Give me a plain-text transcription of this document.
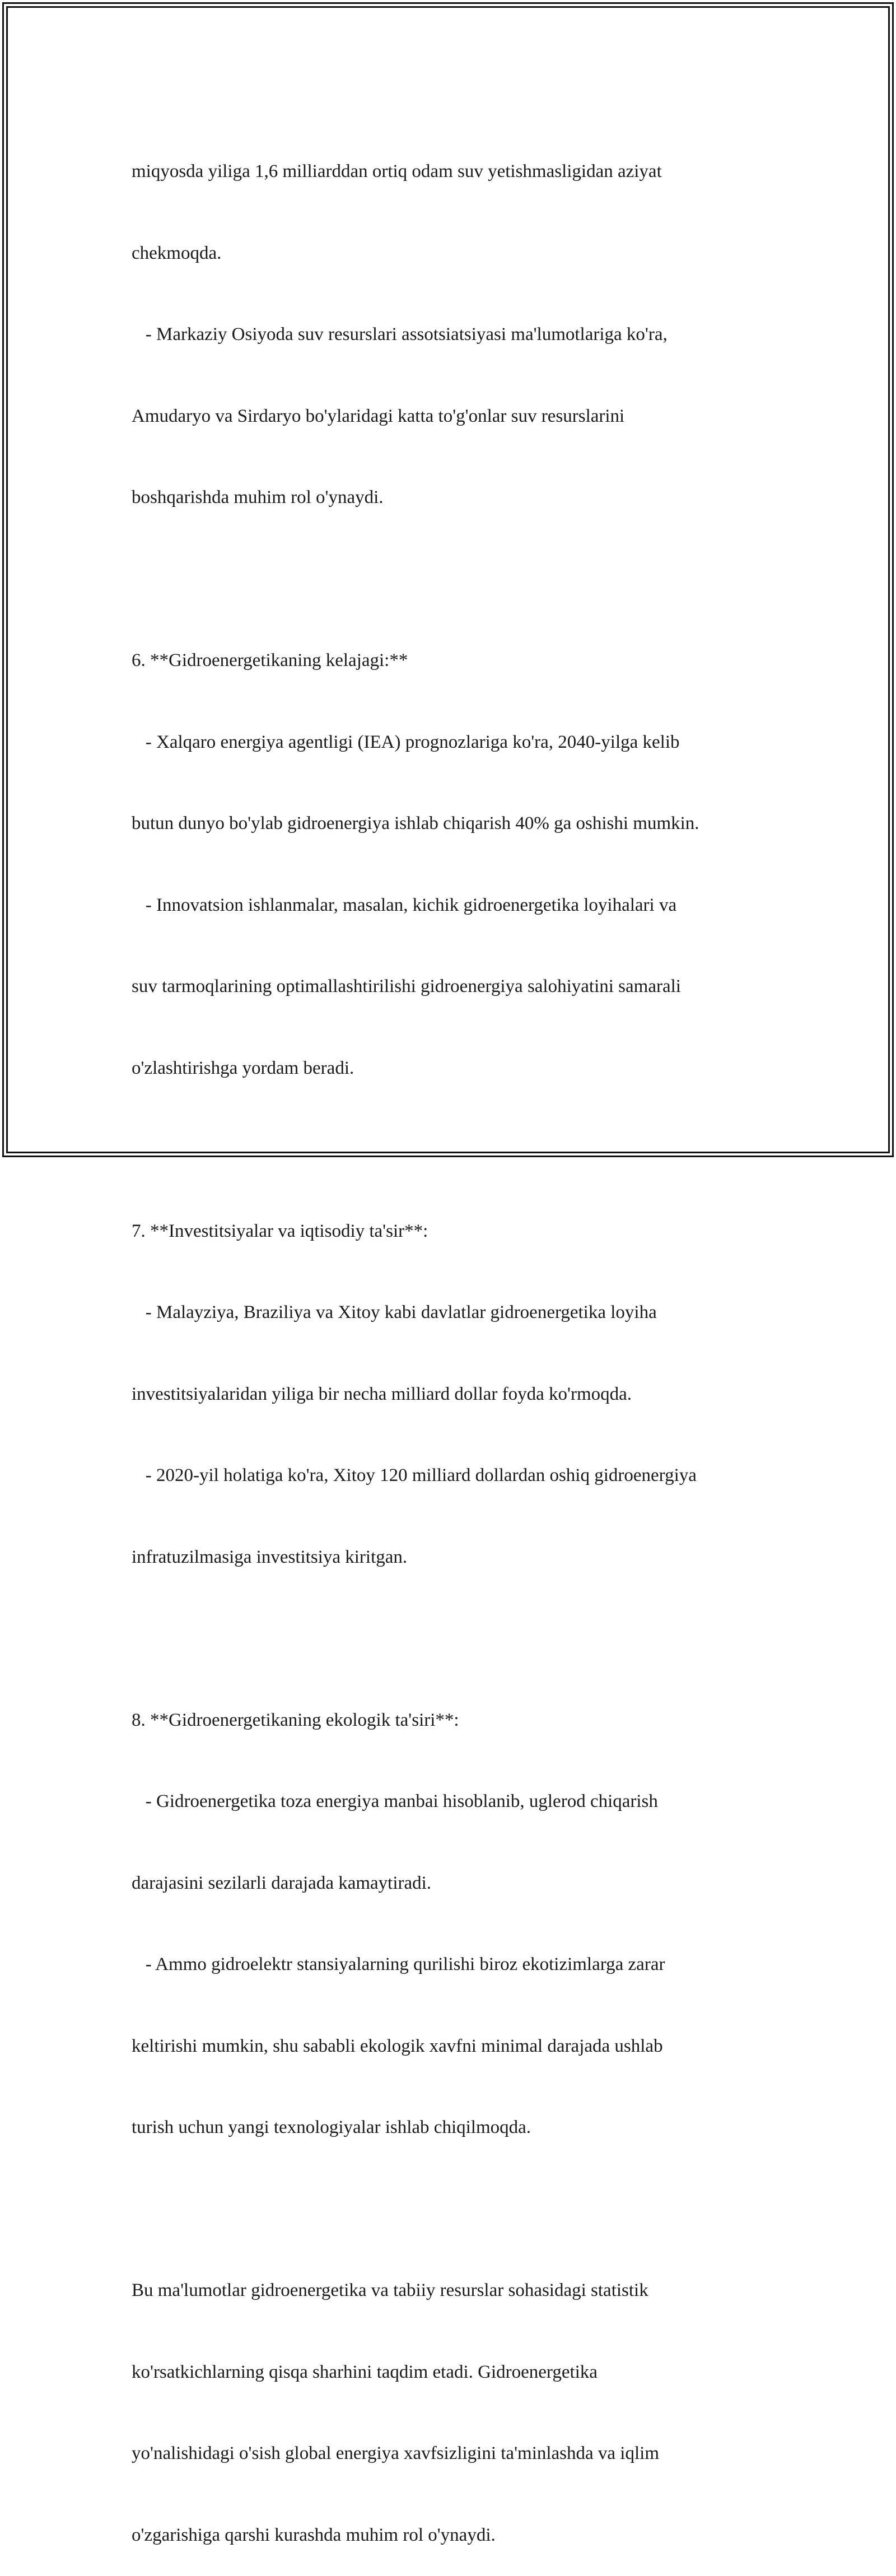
miqyosda yiliga 1,6 milliarddan ortiq odam suv yetishmasligidan aziyat

chekmoqda.

- Markaziy Osiyoda suv resurslari assotsiatsiyasi ma'lumotlariga ko'ra,

Amudaryo va Sirdaryo bo'ylaridagi katta to'g'onlar suv resurslarini

boshqarishda muhim rol o'ynaydi.

6. **Gidroenergetikaning kelajagi:**

- Xalqaro energiya agentligi (IEA) prognozlariga ko'ra, 2040-yilga kelib

butun dunyo bo'ylab gidroenergiya ishlab chiqarish 40% ga oshishi mumkin.

- Innovatsion ishlanmalar, masalan, kichik gidroenergetika loyihalari va

suv tarmoqlarining optimallashtirilishi gidroenergiya salohiyatini samarali

o'zlashtirishga yordam beradi.

7. **Investitsiyalar va iqtisodiy ta'sir**:

- Malayziya, Braziliya va Xitoy kabi davlatlar gidroenergetika loyiha

investitsiyalaridan yiliga bir necha milliard dollar foyda ko'rmoqda.

- 2020-yil holatiga ko'ra, Xitoy 120 milliard dollardan oshiq gidroenergiya

infratuzilmasiga investitsiya kiritgan.

8. **Gidroenergetikaning ekologik ta'siri**:

- Gidroenergetika toza energiya manbai hisoblanib, uglerod chiqarish

darajasini sezilarli darajada kamaytiradi.

- Ammo gidroelektr stansiyalarning qurilishi biroz ekotizimlarga zarar

keltirishi mumkin, shu sababli ekologik xavfni minimal darajada ushlab

turish uchun yangi texnologiyalar ishlab chiqilmoqda.

Bu ma'lumotlar gidroenergetika va tabiiy resurslar sohasidagi statistik

ko'rsatkichlarning qisqa sharhini taqdim etadi. Gidroenergetika

yo'nalishidagi o'sish global energiya xavfsizligini ta'minlashda va iqlim

o'zgarishiga qarshi kurashda muhim rol o'ynaydi.
